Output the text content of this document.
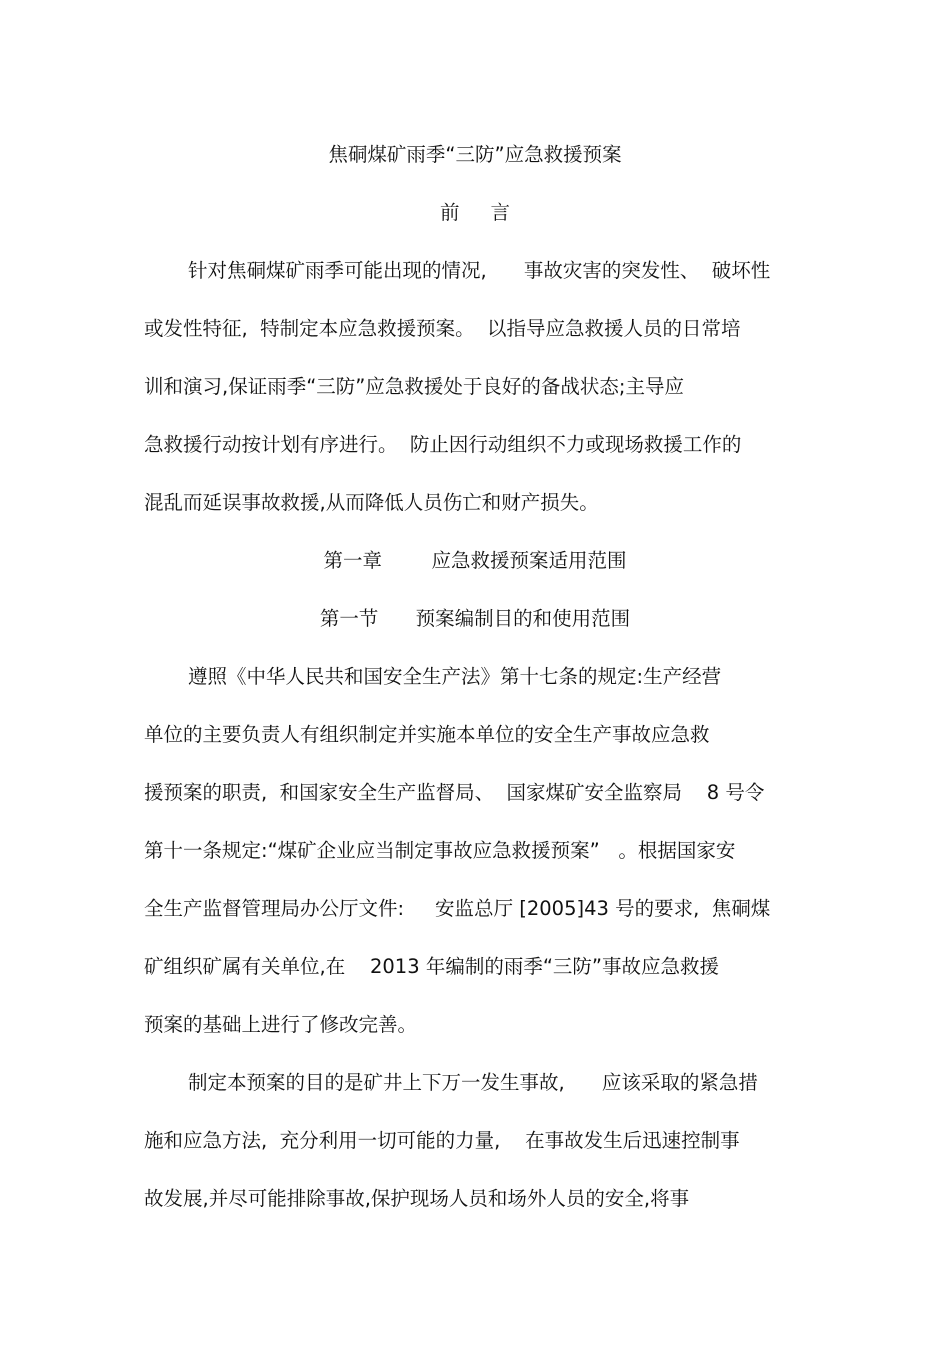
焦硐煤矿雨季“三防”应急救援预案

前     言

针对焦硐煤矿雨季可能出现的情况,      事故灾害的突发性、  破坏性

或发性特征,  特制定本应急救援预案。  以指导应急救援人员的日常培

训和演习,保证雨季“三防”应急救援处于良好的备战状态;主导应

急救援行动按计划有序进行。  防止因行动组织不力或现场救援工作的

混乱而延误事故救援,从而降低人员伤亡和财产损失。

第一章        应急救援预案适用范围

第一节      预案编制目的和使用范围

遵照《中华人民共和国安全生产法》第十七条的规定:生产经营

单位的主要负责人有组织制定并实施本单位的安全生产事故应急救

援预案的职责,  和国家安全生产监督局、  国家煤矿安全监察局    8 号令

第十一条规定:“煤矿企业应当制定事故应急救援预案”   。根据国家安

全生产监督管理局办公厅文件:     安监总厅 [2005]43 号的要求,  焦硐煤

矿组织矿属有关单位,在    2013 年编制的雨季“三防”事故应急救援

预案的基础上进行了修改完善。

制定本预案的目的是矿井上下万一发生事故,      应该采取的紧急措

施和应急方法,  充分利用一切可能的力量,    在事故发生后迅速控制事

故发展,并尽可能排除事故,保护现场人员和场外人员的安全,将事
